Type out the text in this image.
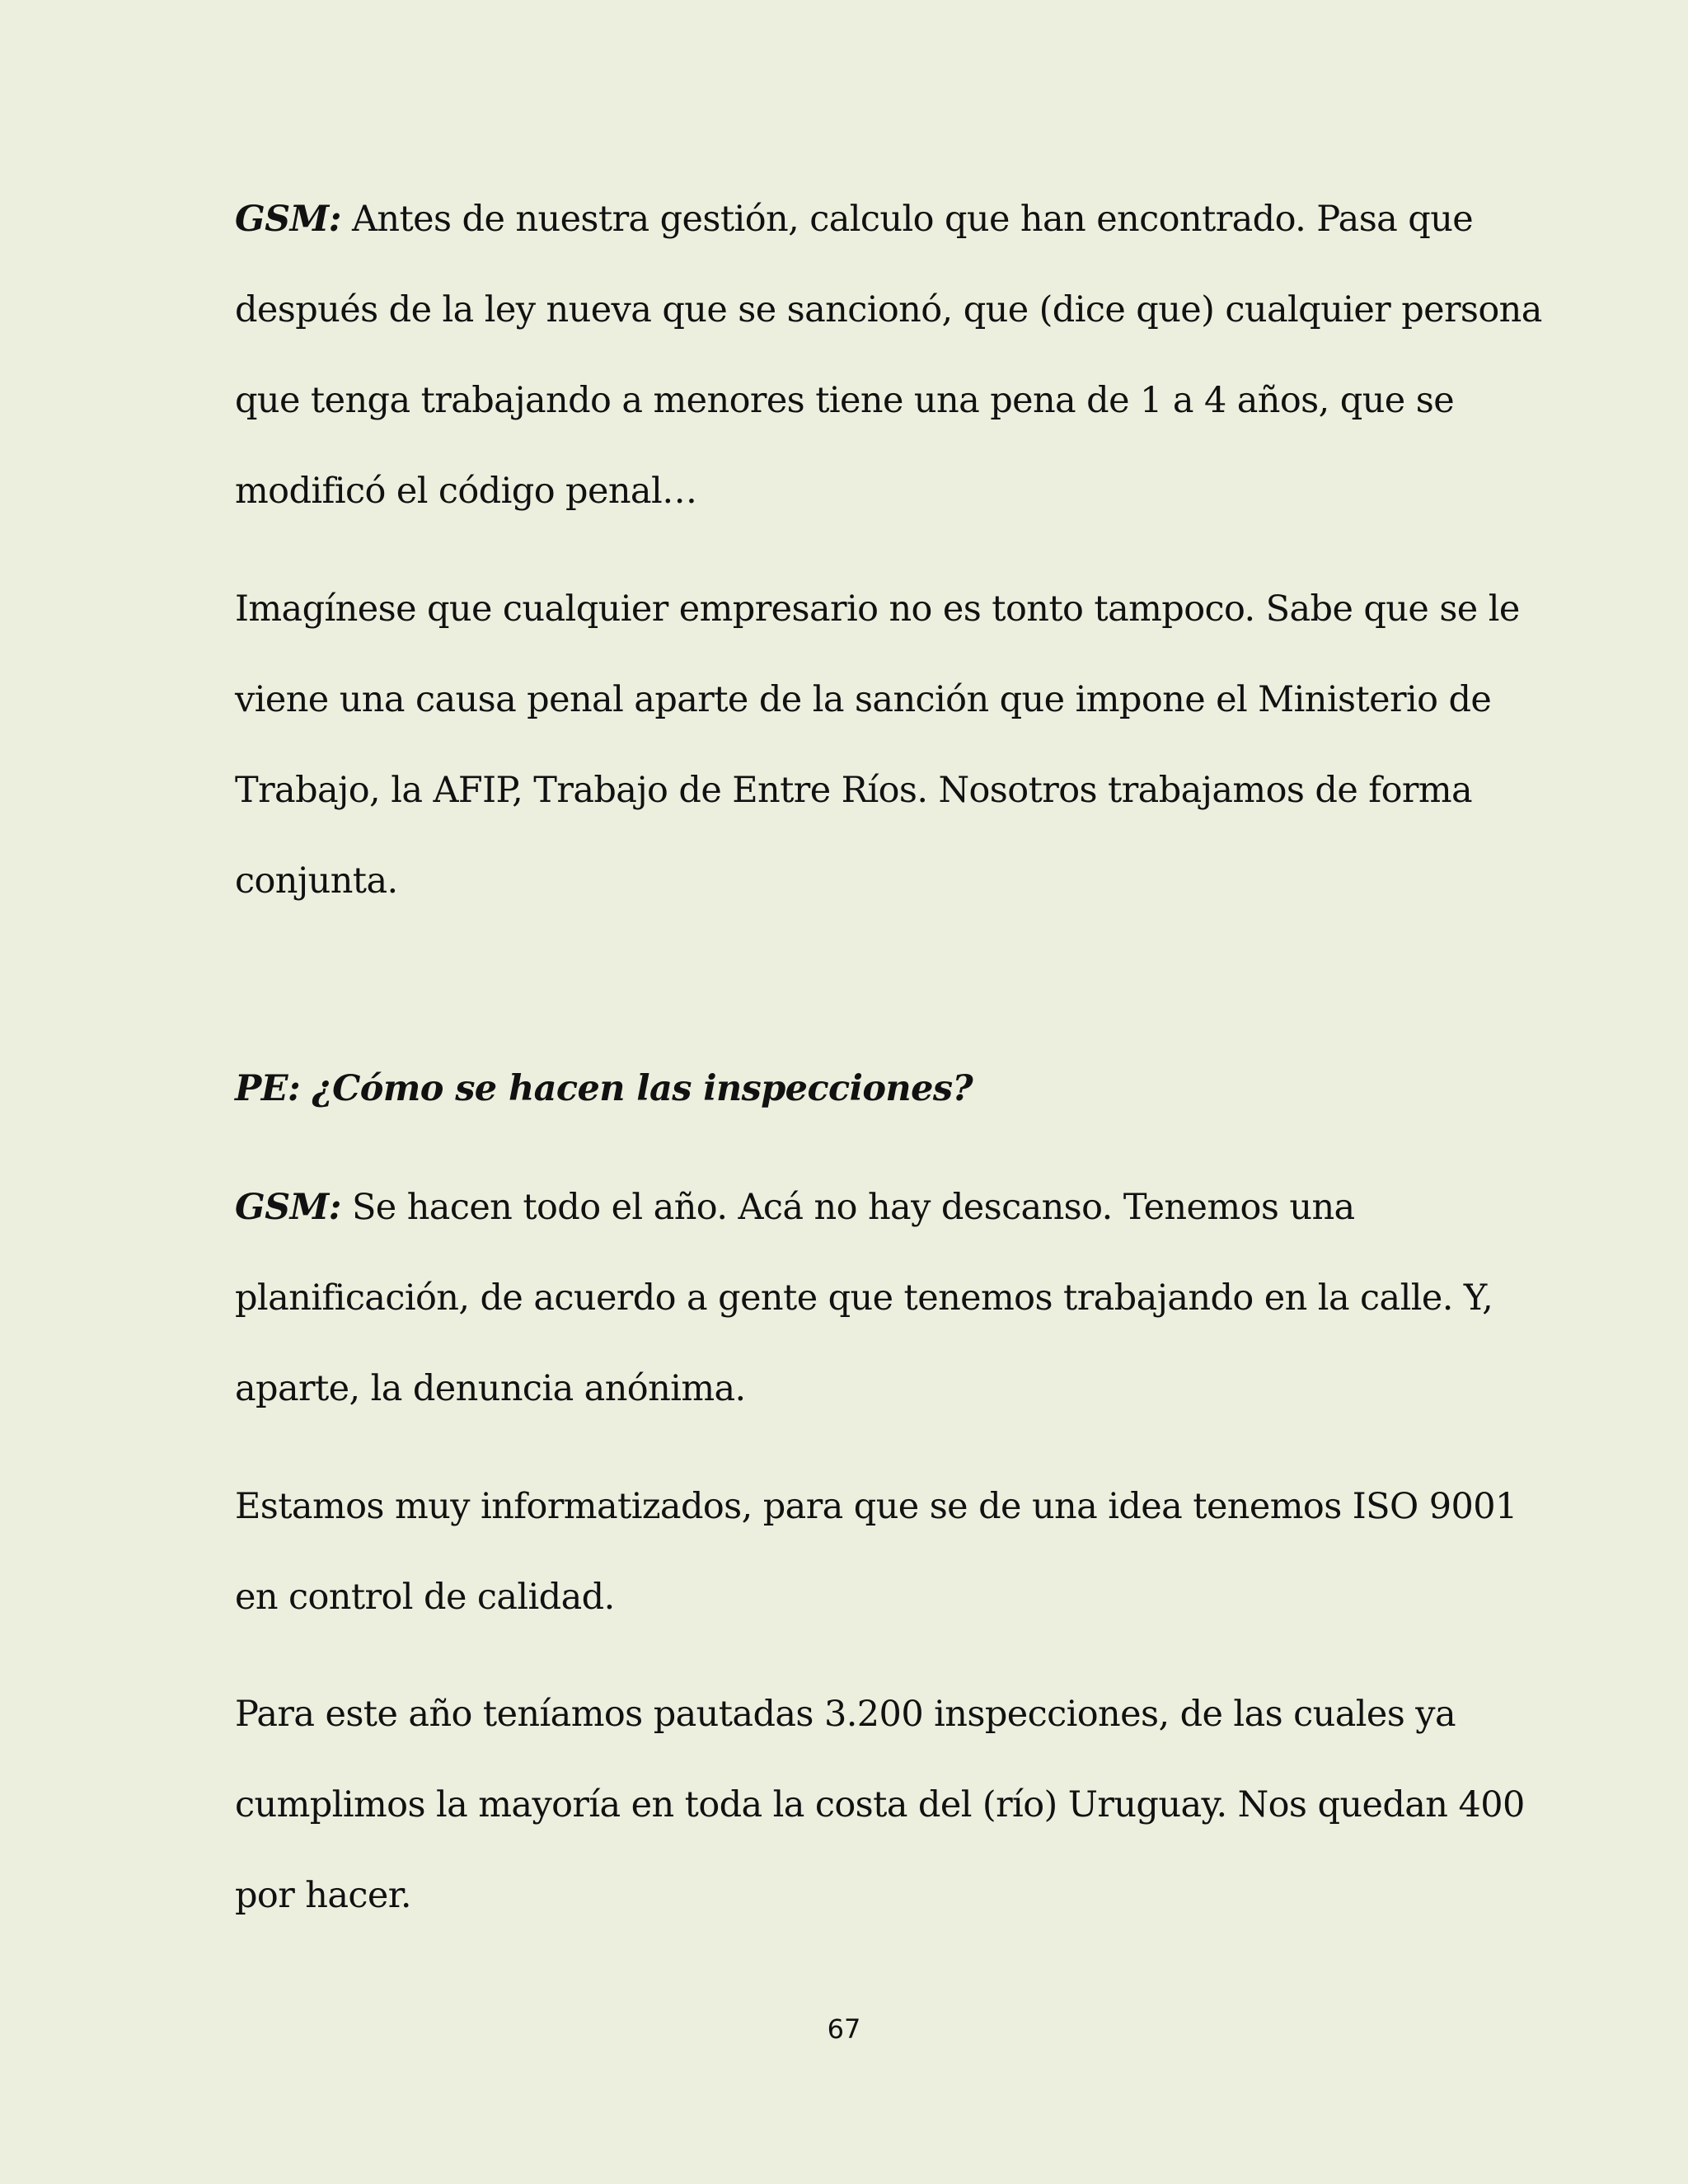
GSM: Antes de nuestra gestión, calculo que han encontrado. Pasa que
después de la ley nueva que se sancionó, que (dice que) cualquier persona
que tenga trabajando a menores tiene una pena de 1 a 4 años, que se
modificó el código penal…

Imagínese que cualquier empresario no es tonto tampoco. Sabe que se le
viene una causa penal aparte de la sanción que impone el Ministerio de
Trabajo, la AFIP, Trabajo de Entre Ríos. Nosotros trabajamos de forma
conjunta.

PE: ¿Cómo se hacen las inspecciones?

GSM: Se hacen todo el año. Acá no hay descanso. Tenemos una
planificación, de acuerdo a gente que tenemos trabajando en la calle. Y,
aparte, la denuncia anónima.

Estamos muy informatizados, para que se de una idea tenemos ISO 9001
en control de calidad.

Para este año teníamos pautadas 3.200 inspecciones, de las cuales ya
cumplimos la mayoría en toda la costa del (río) Uruguay. Nos quedan 400
por hacer.

67
